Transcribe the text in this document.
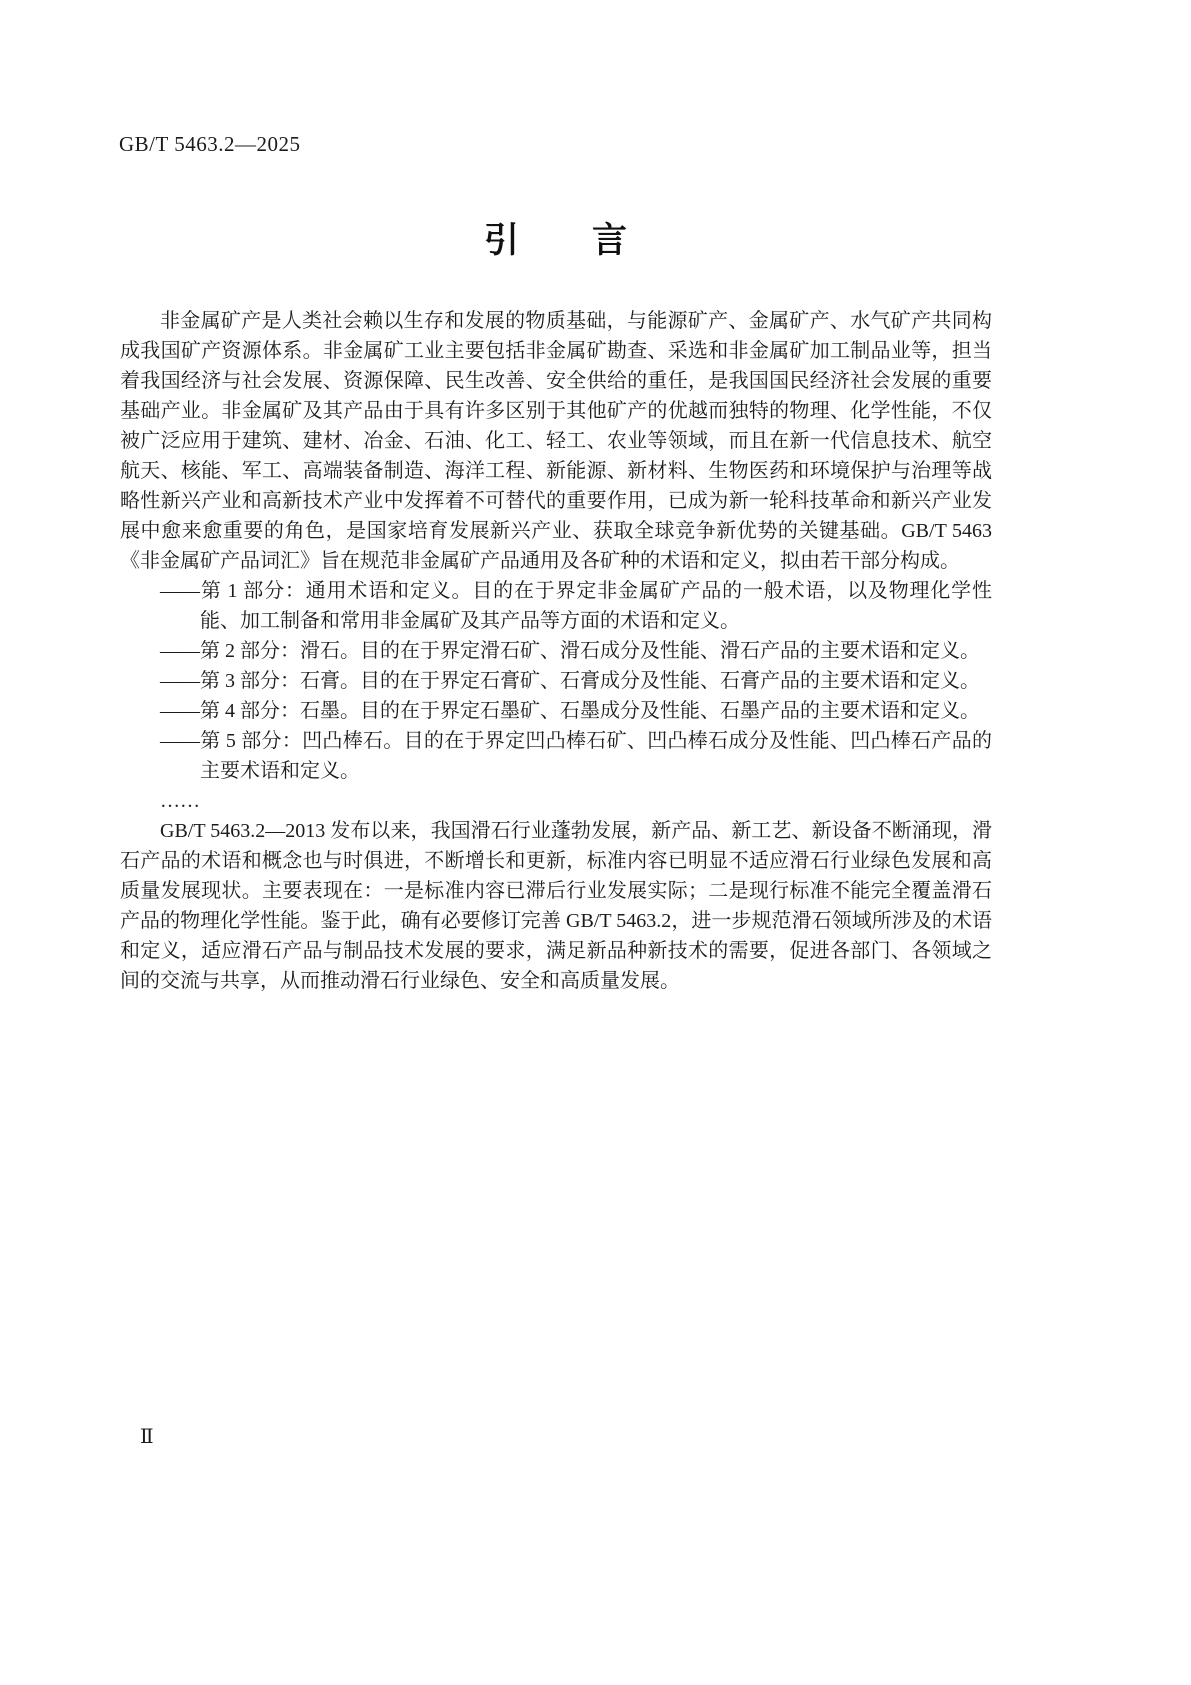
GB/T 5463.2—2025
引　　言

非金属矿产是人类社会赖以生存和发展的物质基础，与能源矿产、金属矿产、水气矿产共同构成我国矿产资源体系。非金属矿工业主要包括非金属矿勘查、采选和非金属矿加工制品业等，担当着我国经济与社会发展、资源保障、民生改善、安全供给的重任，是我国国民经济社会发展的重要基础产业。非金属矿及其产品由于具有许多区别于其他矿产的优越而独特的物理、化学性能，不仅被广泛应用于建筑、建材、冶金、石油、化工、轻工、农业等领域，而且在新一代信息技术、航空航天、核能、军工、高端装备制造、海洋工程、新能源、新材料、生物医药和环境保护与治理等战略性新兴产业和高新技术产业中发挥着不可替代的重要作用，已成为新一轮科技革命和新兴产业发展中愈来愈重要的角色，是国家培育发展新兴产业、获取全球竞争新优势的关键基础。GB/T 5463《非金属矿产品词汇》旨在规范非金属矿产品通用及各矿种的术语和定义，拟由若干部分构成。

——第 1 部分：通用术语和定义。目的在于界定非金属矿产品的一般术语，以及物理化学性能、加工制备和常用非金属矿及其产品等方面的术语和定义。

——第 2 部分：滑石。目的在于界定滑石矿、滑石成分及性能、滑石产品的主要术语和定义。

——第 3 部分：石膏。目的在于界定石膏矿、石膏成分及性能、石膏产品的主要术语和定义。

——第 4 部分：石墨。目的在于界定石墨矿、石墨成分及性能、石墨产品的主要术语和定义。

——第 5 部分：凹凸棒石。目的在于界定凹凸棒石矿、凹凸棒石成分及性能、凹凸棒石产品的主要术语和定义。

……

GB/T 5463.2—2013 发布以来，我国滑石行业蓬勃发展，新产品、新工艺、新设备不断涌现，滑石产品的术语和概念也与时俱进，不断增长和更新，标准内容已明显不适应滑石行业绿色发展和高质量发展现状。主要表现在：一是标准内容已滞后行业发展实际；二是现行标准不能完全覆盖滑石产品的物理化学性能。鉴于此，确有必要修订完善 GB/T 5463.2，进一步规范滑石领域所涉及的术语和定义，适应滑石产品与制品技术发展的要求，满足新品种新技术的需要，促进各部门、各领域之间的交流与共享，从而推动滑石行业绿色、安全和高质量发展。

Ⅱ
